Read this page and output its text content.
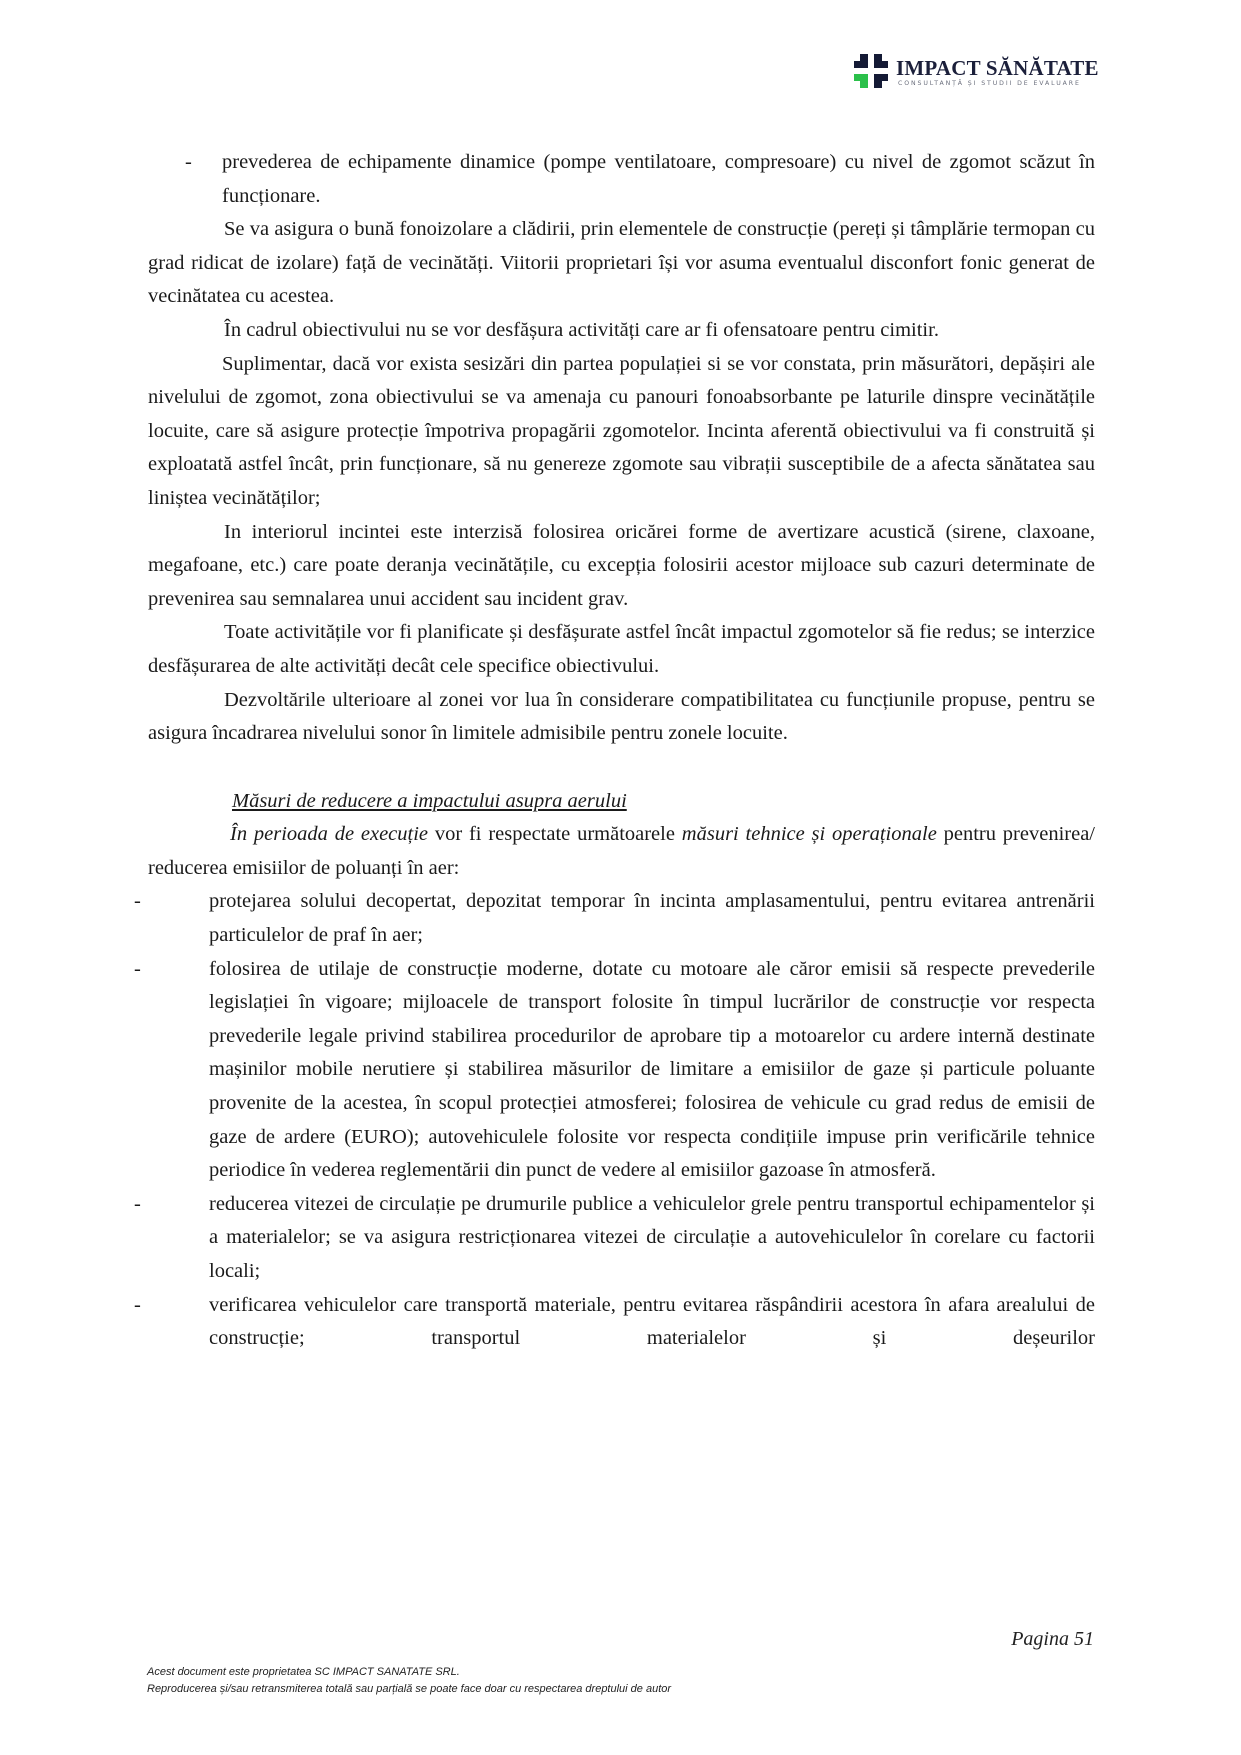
IMPACT SĂNĂTATE
CONSULTANȚĂ ȘI STUDII DE EVALUARE

-	prevederea de echipamente dinamice (pompe ventilatoare, compresoare) cu nivel de zgomot scăzut în funcționare.

Se va asigura o bună fonoizolare a clădirii, prin elementele de construcție (pereți și tâmplărie termopan cu grad ridicat de izolare) față de vecinătăți. Viitorii proprietari își vor asuma eventualul disconfort fonic generat de vecinătatea cu acestea.

În cadrul obiectivului nu se vor desfășura activități care ar fi ofensatoare pentru cimitir.

Suplimentar, dacă vor exista sesizări din partea populației si se vor constata, prin măsurători, depășiri ale nivelului de zgomot, zona obiectivului se va amenaja cu panouri fonoabsorbante pe laturile dinspre vecinătățile locuite, care să asigure protecție împotriva propagării zgomotelor. Incinta aferentă obiectivului va fi construită și exploatată astfel încât, prin funcționare, să nu genereze zgomote sau vibrații susceptibile de a afecta sănătatea sau liniștea vecinătăților;

In interiorul incintei este interzisă folosirea oricărei forme de avertizare acustică (sirene, claxoane, megafoane, etc.) care poate deranja vecinătățile, cu excepția folosirii acestor mijloace sub cazuri determinate de prevenirea sau semnalarea unui accident sau incident grav.

Toate activitățile vor fi planificate și desfășurate astfel încât impactul zgomotelor să fie redus; se interzice desfășurarea de alte activități decât cele specifice obiectivului.

Dezvoltările ulterioare al zonei vor lua în considerare compatibilitatea cu funcțiunile propuse, pentru se asigura încadrarea nivelului sonor în limitele admisibile pentru zonele locuite.

Măsuri de reducere a impactului asupra aerului

În perioada de execuție vor fi respectate următoarele măsuri tehnice și operaționale pentru prevenirea/ reducerea emisiilor de poluanți în aer:

-	protejarea solului decopertat, depozitat temporar în incinta amplasamentului, pentru evitarea antrenării particulelor de praf în aer;

-	folosirea de utilaje de construcție moderne, dotate cu motoare ale căror emisii să respecte prevederile legislației în vigoare; mijloacele de transport folosite în timpul lucrărilor de construcție vor respecta prevederile legale privind stabilirea procedurilor de aprobare tip a motoarelor cu ardere internă destinate mașinilor mobile nerutiere și stabilirea măsurilor de limitare a emisiilor de gaze și particule poluante provenite de la acestea, în scopul protecției atmosferei; folosirea de vehicule cu grad redus de emisii de gaze de ardere (EURO); autovehiculele folosite vor respecta condițiile impuse prin verificările tehnice periodice în vederea reglementării din punct de vedere al emisiilor gazoase în atmosferă.

-	reducerea vitezei de circulație pe drumurile publice a vehiculelor grele pentru transportul echipamentelor și a materialelor; se va asigura restricționarea vitezei de circulație a autovehiculelor în corelare cu factorii locali;

-	verificarea vehiculelor care transportă materiale, pentru evitarea răspândirii acestora în afara arealului de construcție; transportul materialelor și deșeurilor

Pagina 51
Acest document este proprietatea SC IMPACT SANATATE SRL.
Reproducerea și/sau retransmiterea totală sau parțială se poate face doar cu respectarea dreptului de autor
